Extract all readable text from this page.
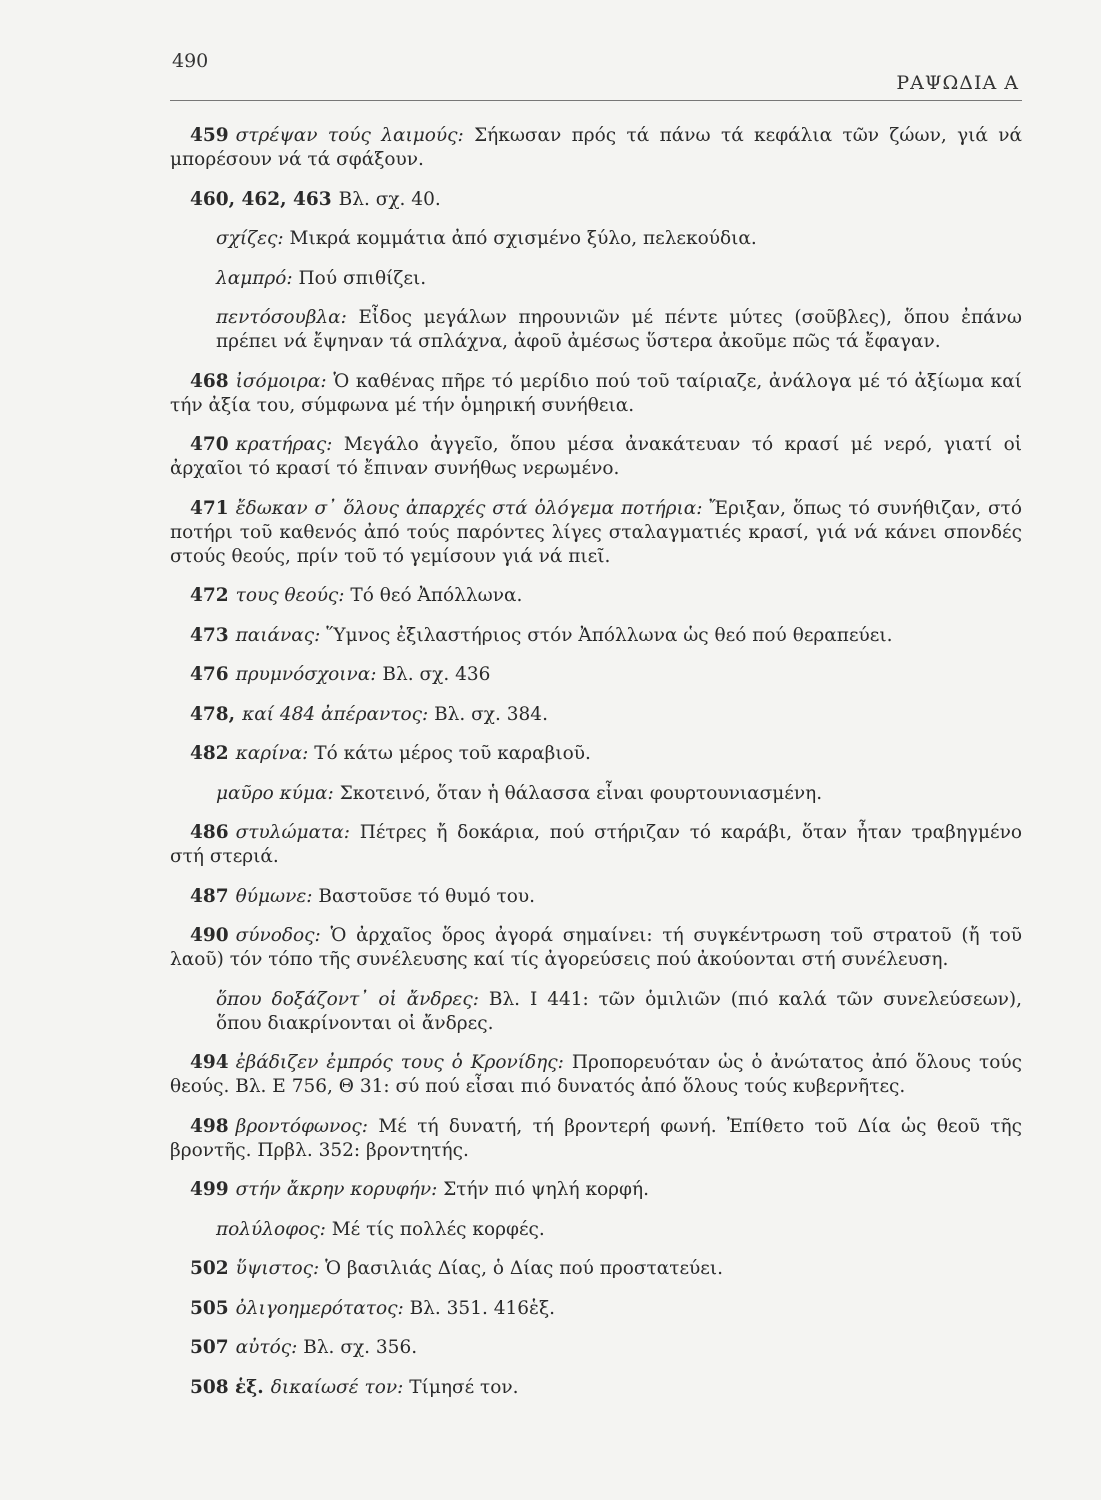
490
ΡΑΨΩΔΙΑ Α

459 στρέψαν τούς λαιμούς: Σήκωσαν πρός τά πάνω τά κεφάλια τῶν ζώων, γιά νά μπορέσουν νά τά σφάξουν.

460, 462, 463 Βλ. σχ. 40.

σχίζες: Μικρά κομμάτια ἀπό σχισμένο ξύλο, πελεκούδια.

λαμπρό: Πού σπιθίζει.

πεντόσουβλα: Εἶδος μεγάλων πηρουνιῶν μέ πέντε μύτες (σοῦβλες), ὅπου ἐπάνω πρέπει νά ἔψηναν τά σπλάχνα, ἀφοῦ ἀμέσως ὕστερα ἀκοῦμε πῶς τά ἔφαγαν.

468 ἰσόμοιρα: Ὁ καθένας πῆρε τό μερίδιο πού τοῦ ταίριαζε, ἀνάλογα μέ τό ἀξίωμα καί τήν ἀξία του, σύμφωνα μέ τήν ὁμηρική συνήθεια.

470 κρατήρας: Μεγάλο ἀγγεῖο, ὅπου μέσα ἀνακάτευαν τό κρασί μέ νερό, γιατί οἱ ἀρχαῖοι τό κρασί τό ἔπιναν συνήθως νερωμένο.

471 ἔδωκαν σ᾽ ὅλους ἀπαρχές στά ὁλόγεμα ποτήρια: Ἔριξαν, ὅπως τό συνήθιζαν, στό ποτήρι τοῦ καθενός ἀπό τούς παρόντες λίγες σταλαγματιές κρασί, γιά νά κάνει σπονδές στούς θεούς, πρίν τοῦ τό γεμίσουν γιά νά πιεῖ.

472 τους θεούς: Τό θεό Ἀπόλλωνα.

473 παιάνας: Ὕμνος ἐξιλαστήριος στόν Ἀπόλλωνα ὡς θεό πού θεραπεύει.

476 πρυμνόσχοινα: Βλ. σχ. 436

478, καί 484 ἀπέραντος: Βλ. σχ. 384.

482 καρίνα: Τό κάτω μέρος τοῦ καραβιοῦ.

μαῦρο κύμα: Σκοτεινό, ὅταν ἡ θάλασσα εἶναι φουρτουνιασμένη.

486 στυλώματα: Πέτρες ἤ δοκάρια, πού στήριζαν τό καράβι, ὅταν ἦταν τραβηγμένο στή στεριά.

487 θύμωνε: Βαστοῦσε τό θυμό του.

490 σύνοδος: Ὁ ἀρχαῖος ὅρος ἀγορά σημαίνει: τή συγκέντρωση τοῦ στρατοῦ (ἤ τοῦ λαοῦ) τόν τόπο τῆς συνέλευσης καί τίς ἀγορεύσεις πού ἀκούονται στή συνέλευση.

ὅπου δοξάζοντ᾽ οἱ ἄνδρες: Βλ. Ι 441: τῶν ὁμιλιῶν (πιό καλά τῶν συνελεύσεων), ὅπου διακρίνονται οἱ ἄνδρες.

494 ἐβάδιζεν ἐμπρός τους ὁ Κρονίδης: Προπορευόταν ὡς ὁ ἀνώτατος ἀπό ὅλους τούς θεούς. Βλ. Ε 756, Θ 31: σύ πού εἶσαι πιό δυνατός ἀπό ὅλους τούς κυβερνῆτες.

498 βροντόφωνος: Μέ τή δυνατή, τή βροντερή φωνή. Ἐπίθετο τοῦ Δία ὡς θεοῦ τῆς βροντῆς. Πρβλ. 352: βροντητής.

499 στήν ἄκρην κορυφήν: Στήν πιό ψηλή κορφή.

πολύλοφος: Μέ τίς πολλές κορφές.

502 ὕψιστος: Ὁ βασιλιάς Δίας, ὁ Δίας πού προστατεύει.

505 ὀλιγοημερότατος: Βλ. 351. 416ἑξ.

507 αὐτός: Βλ. σχ. 356.

508 ἑξ. δικαίωσέ τον: Τίμησέ τον.
